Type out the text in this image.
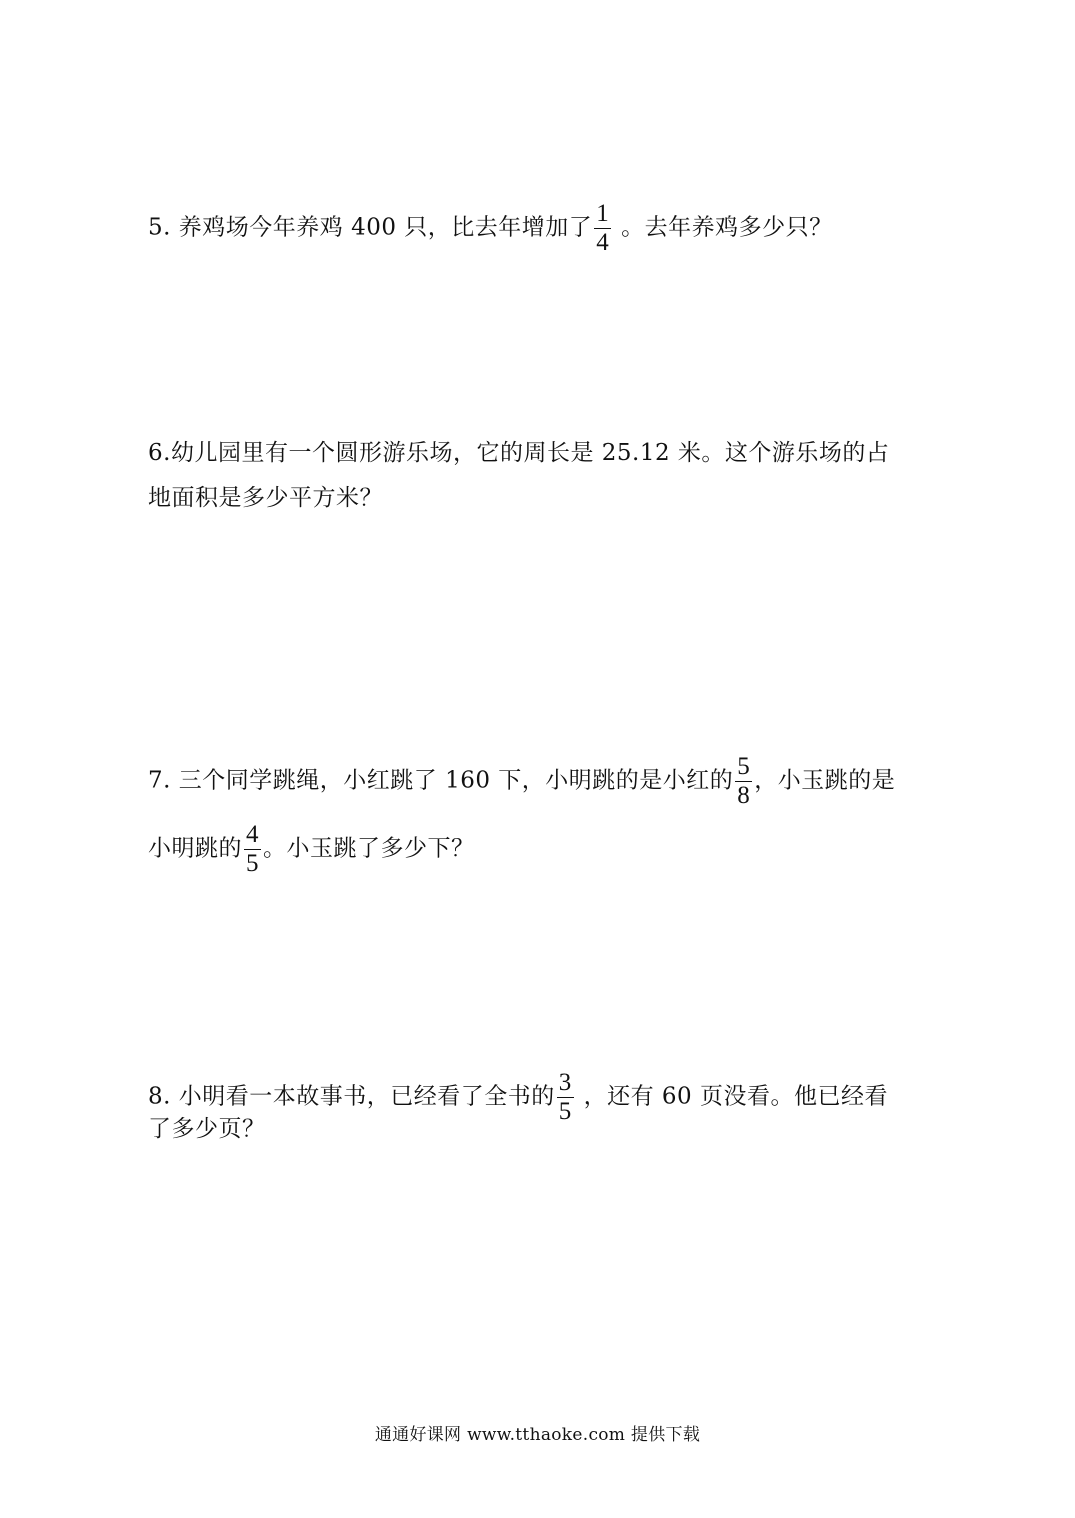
5. 养鸡场今年养鸡 400 只，比去年增加了 $\frac{1}{4}$ 。去年养鸡多少只？
6.幼儿园里有一个圆形游乐场，它的周长是 25.12 米。这个游乐场的占
地面积是多少平方米？
7. 三个同学跳绳，小红跳了 160 下，小明跳的是小红的 $\frac{5}{8}$ ，小玉跳的是
小明跳的 $\frac{4}{5}$ 。小玉跳了多少下？
8. 小明看一本故事书，已经看了全书的 $\frac{3}{5}$ ，还有 60 页没看。他已经看
了多少页？
通通好课网 www.tthaoke.com 提供下载
